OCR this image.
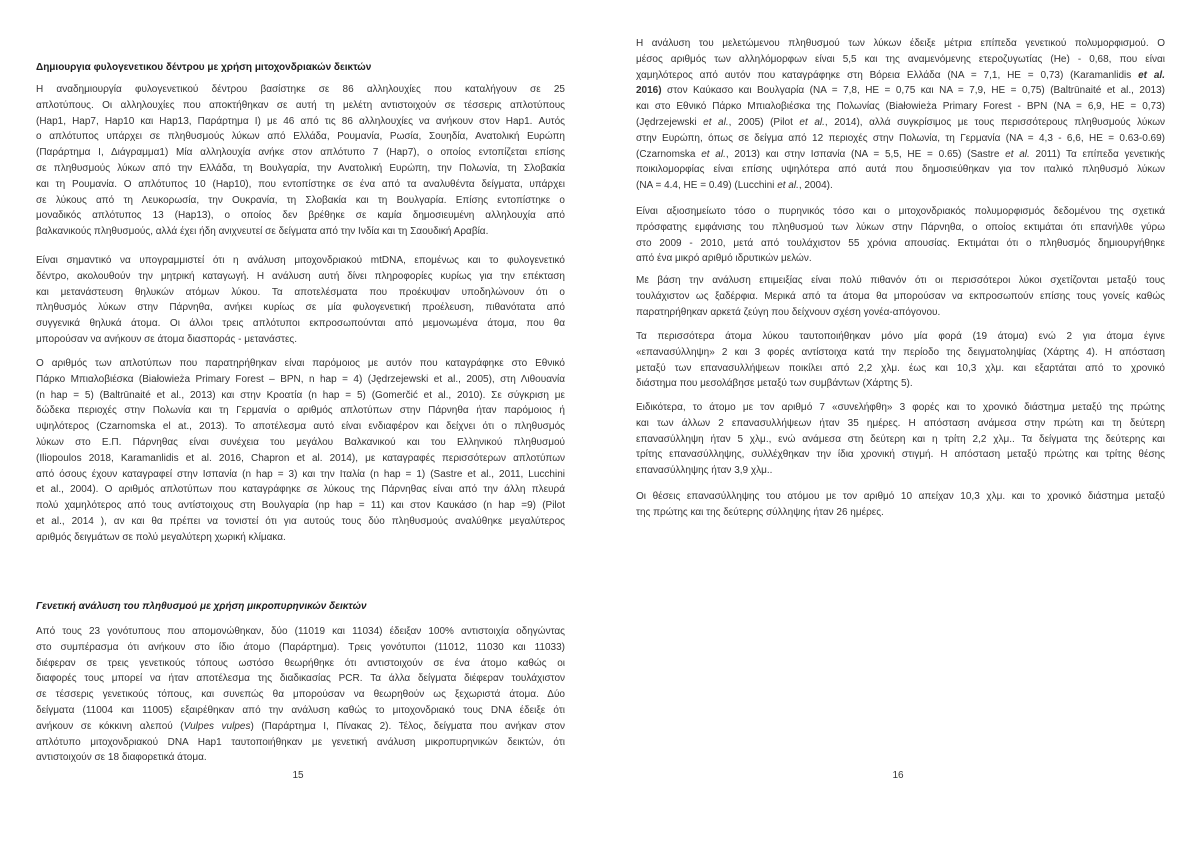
Δημιουργια φυλογενετικου δέντρου με χρήση μιτοχονδριακών δεικτών
Η αναδημιουργία φυλογενετικού δέντρου βασίστηκε σε 86 αλληλουχίες που καταλήγουν σε 25
απλοτύπους. Οι αλληλουχίες που αποκτήθηκαν σε αυτή τη μελέτη αντιστοιχούν σε τέσσερις απλοτύπους
(Hap1, Hap7, Hap10 και Hap13, Παράρτημα Ι) με 46 από τις 86 αλληλουχίες να ανήκουν στον Hap1. Αυτός
ο απλότυπος υπάρχει σε πληθυσμούς λύκων από Ελλάδα, Ρουμανία, Ρωσία, Σουηδία, Ανατολική Ευρώπη
(Παράρτημα Ι, Διάγραμμα1) Μία αλληλουχία ανήκε στον απλότυπο 7 (Hap7), ο οποίος εντοπίζεται επίσης
σε πληθυσμούς λύκων από την Ελλάδα, τη Βουλγαρία, την Ανατολική Ευρώπη, την Πολωνία, τη Σλοβακία
και τη Ρουμανία. Ο απλότυπος 10 (Hap10), που εντοπίστηκε σε ένα από τα αναλυθέντα δείγματα, υπάρχει
σε λύκους από τη Λευκορωσία, την Ουκρανία, τη Σλοβακία και τη Βουλγαρία. Επίσης εντοπίστηκε ο
μοναδικός απλότυπος 13 (Hap13), ο οποίος δεν βρέθηκε σε καμία δημοσιευμένη αλληλουχία από
βαλκανικούς πληθυσμούς, αλλά έχει ήδη ανιχνευτεί σε δείγματα από την Ινδία και τη Σαουδική Αραβία.
Είναι σημαντικό να υπογραμμιστεί ότι η ανάλυση μιτοχονδριακού mtDNA, επομένως και το φυλογενετικό
δέντρο, ακολουθούν την μητρική καταγωγή. Η ανάλυση αυτή δίνει πληροφορίες κυρίως για την επέκταση
και μετανάστευση θηλυκών ατόμων λύκου. Τα αποτελέσματα που προέκυψαν υποδηλώνουν ότι ο
πληθυσμός λύκων στην Πάρνηθα, ανήκει κυρίως σε μία φυλογενετική προέλευση, πιθανότατα από
συγγενικά θηλυκά άτομα. Οι άλλοι τρεις απλότυποι εκπροσωπούνται από μεμονωμένα άτομα, που θα
μπορούσαν να ανήκουν σε άτομα διασποράς - μετανάστες.
Ο αριθμός των απλοτύπων που παρατηρήθηκαν είναι παρόμοιος με αυτόν που καταγράφηκε στο Εθνικό
Πάρκο Μπιαλοβιέσκα (Białowieża Primary Forest – BPN, n hap = 4) (Jędrzejewski et al., 2005), στη Λιθουανία
(n hap = 5) (Baltrūnaité et al., 2013) και στην Κροατία (n hap = 5) (Gomerčić et al., 2010). Σε σύγκριση με
δώδεκα περιοχές στην Πολωνία και τη Γερμανία ο αριθμός απλοτύπων στην Πάρνηθα ήταν παρόμοιος ή
υψηλότερος (Czarnomska el at., 2013). Το αποτέλεσμα αυτό είναι ενδιαφέρον και δείχνει ότι ο πληθυσμός
λύκων στο Ε.Π. Πάρνηθας είναι συνέχεια του μεγάλου Βαλκανικού και του Ελληνικού πληθυσμού
(Iliopoulos 2018, Karamanlidis et al. 2016, Chapron et al. 2014), με καταγραφές περισσότερων απλοτύπων
από όσους έχουν καταγραφεί στην Ισπανία (n hap = 3) και την Ιταλία (n hap = 1) (Sastre et al., 2011, Lucchini
et al., 2004). Ο αριθμός απλοτύπων που καταγράφηκε σε λύκους της Πάρνηθας είναι από την άλλη πλευρά
πολύ χαμηλότερος από τους αντίστοιχους στη Βουλγαρία (np hap = 11) και στον Καυκάσο (n hap =9) (Pilot
et al., 2014 ), αν και θα πρέπει να τονιστεί ότι για αυτούς τους δύο πληθυσμούς αναλύθηκε μεγαλύτερος
αριθμός δειγμάτων σε πολύ μεγαλύτερη χωρική κλίμακα.
Γενετική ανάλυση του πληθυσμού με χρήση μικροπυρηνικών δεικτών
Από τους 23 γονότυπους που απομονώθηκαν, δύο (11019 και 11034) έδειξαν 100% αντιστοιχία οδηγώντας
στο συμπέρασμα ότι ανήκουν στο ίδιο άτομο (Παράρτημα). Τρεις γονότυποι (11012, 11030 και 11033)
διέφεραν σε τρεις γενετικούς τόπους ωστόσο θεωρήθηκε ότι αντιστοιχούν σε ένα άτομο καθώς οι
διαφορές τους μπορεί να ήταν αποτέλεσμα της διαδικασίας PCR. Τα άλλα δείγματα διέφεραν τουλάχιστον
σε τέσσερις γενετικούς τόπους, και συνεπώς θα μπορούσαν να θεωρηθούν ως ξεχωριστά άτομα. Δύο
δείγματα (11004 και 11005) εξαιρέθηκαν από την ανάλυση καθώς το μιτοχονδριακό τους DNA έδειξε ότι
ανήκουν σε κόκκινη αλεπού (Vulpes vulpes) (Παράρτημα Ι, Πίνακας 2). Τέλος, δείγματα που ανήκαν στον
απλότυπο μιτοχονδριακού DNA Hap1 ταυτοποιήθηκαν με γενετική ανάλυση μικροπυρηνικών δεικτών, ότι
αντιστοιχούν σε 18 διαφορετικά άτομα.
15
Η ανάλυση του μελετώμενου πληθυσμού των λύκων έδειξε μέτρια επίπεδα γενετικού πολυμορφισμού. Ο
μέσος αριθμός των αλληλόμορφων είναι 5,5 και της αναμενόμενης ετεροζυγωτίας (He) - 0,68, που είναι
χαμηλότερος από αυτόν που καταγράφηκε στη Βόρεια Ελλάδα (NA = 7,1, HE = 0,73) (Karamanlidis et al.
2016) στον Καύκασο και Βουλγαρία (NA = 7,8, HE = 0,75 και NA = 7,9, HE = 0,75) (Baltrūnaité et al., 2013)
και στο Εθνικό Πάρκο Μπιαλοβιέσκα της Πολωνίας (Białowieża Primary Forest - BPN (NA = 6,9, HE = 0,73)
(Jędrzejewski et al., 2005) (Pilot et al., 2014), αλλά συγκρίσιμος με τους περισσότερους πληθυσμούς λύκων
στην Ευρώπη, όπως σε δείγμα από 12 περιοχές στην Πολωνία, τη Γερμανία (NA = 4,3 - 6,6, HE = 0.63-0.69)
(Czarnomska et al., 2013) και στην Ισπανία (NA = 5,5, HE = 0.65) (Sastre et al. 2011) Τα επίπεδα γενετικής
ποικιλομορφίας είναι επίσης υψηλότερα από αυτά που δημοσιεύθηκαν για τον ιταλικό πληθυσμό λύκων
(NA = 4.4, HE = 0.49) (Lucchini et al., 2004).
Είναι αξιοσημείωτο τόσο ο πυρηνικός τόσο και ο μιτοχονδριακός πολυμορφισμός δεδομένου της σχετικά
πρόσφατης εμφάνισης του πληθυσμού των λύκων στην Πάρνηθα, ο οποίος εκτιμάται ότι επανήλθε γύρω
στο 2009 - 2010, μετά από τουλάχιστον 55 χρόνια απουσίας. Εκτιμάται ότι ο πληθυσμός δημιουργήθηκε
από ένα μικρό αριθμό ιδρυτικών μελών.
Με βάση την ανάλυση επιμειξίας είναι πολύ πιθανόν ότι οι περισσότεροι λύκοι σχετίζονται μεταξύ τους
τουλάχιστον ως ξαδέρφια. Μερικά από τα άτομα θα μπορούσαν να εκπροσωπούν επίσης τους γονείς καθώς
παρατηρήθηκαν αρκετά ζεύγη που δείχνουν σχέση γονέα-απόγονου.
Τα περισσότερα άτομα λύκου ταυτοποιήθηκαν μόνο μία φορά (19 άτομα) ενώ 2 για άτομα έγινε
«επανασύλληψη» 2 και 3 φορές αντίστοιχα κατά την περίοδο της δειγματοληψίας (Χάρτης 4). Η απόσταση
μεταξύ των επανασυλλήψεων ποικίλει από 2,2 χλμ. έως και 10,3 χλμ. και εξαρτάται από το χρονικό
διάστημα που μεσολάβησε μεταξύ των συμβάντων (Χάρτης 5).
Ειδικότερα, το άτομο με τον αριθμό 7 «συνελήφθη» 3 φορές και το χρονικό διάστημα μεταξύ της πρώτης
και των άλλων 2 επανασυλλήψεων ήταν 35 ημέρες. Η απόσταση ανάμεσα στην πρώτη και τη δεύτερη
επανασύλληψη ήταν 5 χλμ., ενώ ανάμεσα στη δεύτερη και η τρίτη 2,2 χλμ.. Τα δείγματα της δεύτερης και
τρίτης επανασύλληψης, συλλέχθηκαν την ίδια χρονική στιγμή. Η απόσταση μεταξύ πρώτης και τρίτης θέσης
επανασύλληψης ήταν 3,9 χλμ..
Οι θέσεις επανασύλληψης του ατόμου με τον αριθμό 10 απείχαν 10,3 χλμ. και το χρονικό διάστημα μεταξύ
της πρώτης και της δεύτερης σύλληψης ήταν 26 ημέρες.
16
